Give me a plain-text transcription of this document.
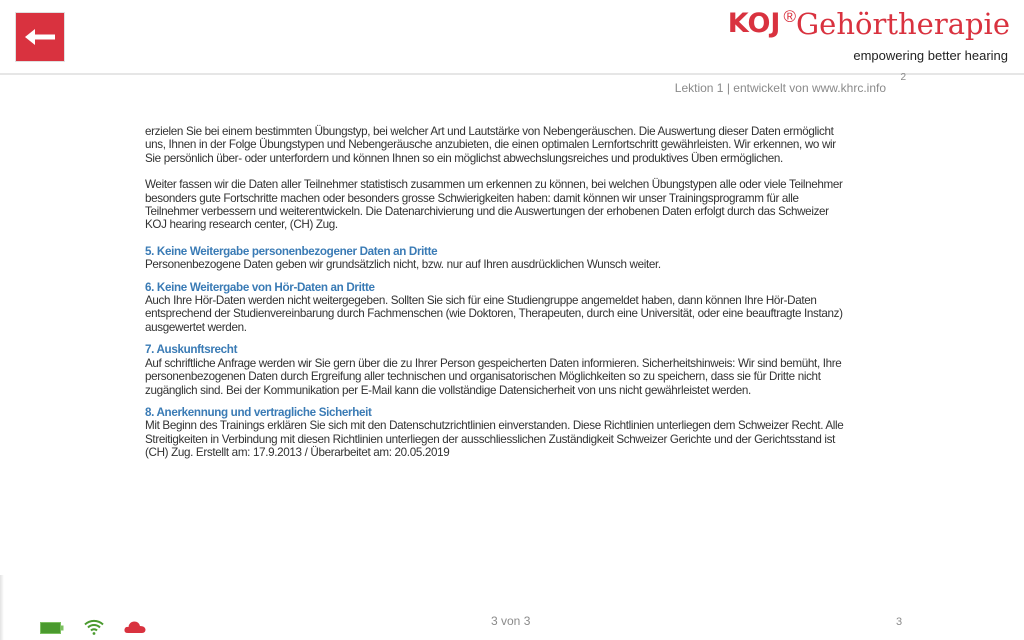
KOJ ® Gehörtherapie
empowering better hearing
Lektion 1 | entwickelt von www.khrc.info
2

erzielen Sie bei einem bestimmten Übungstyp, bei welcher Art und Lautstärke von Nebengeräuschen. Die Auswertung dieser Daten ermöglicht uns, Ihnen in der Folge Übungstypen und Nebengeräusche anzubieten, die einen optimalen Lernfortschritt gewährleisten. Wir erkennen, wo wir Sie persönlich über- oder unterfordern und können Ihnen so ein möglichst abwechslungsreiches und produktives Üben ermöglichen.

Weiter fassen wir die Daten aller Teilnehmer statistisch zusammen um erkennen zu können, bei welchen Übungstypen alle oder viele Teilnehmer besonders gute Fortschritte machen oder besonders grosse Schwierigkeiten haben: damit können wir unser Trainingsprogramm für alle Teilnehmer verbessern und weiterentwickeln. Die Datenarchivierung und die Auswertungen der erhobenen Daten erfolgt durch das Schweizer KOJ hearing research center, (CH) Zug.

5. Keine Weitergabe personenbezogener Daten an Dritte
Personenbezogene Daten geben wir grundsätzlich nicht, bzw. nur auf Ihren ausdrücklichen Wunsch weiter.
6. Keine Weitergabe von Hör-Daten an Dritte
Auch Ihre Hör-Daten werden nicht weitergegeben. Sollten Sie sich für eine Studiengruppe angemeldet haben, dann können Ihre Hör-Daten entsprechend der Studienvereinbarung durch Fachmenschen (wie Doktoren, Therapeuten, durch eine Universität, oder eine beauftragte Instanz) ausgewertet werden.
7. Auskunftsrecht
Auf schriftliche Anfrage werden wir Sie gern über die zu Ihrer Person gespeicherten Daten informieren. Sicherheitshinweis: Wir sind bemüht, Ihre personenbezogenen Daten durch Ergreifung aller technischen und organisatorischen Möglichkeiten so zu speichern, dass sie für Dritte nicht zugänglich sind. Bei der Kommunikation per E-Mail kann die vollständige Datensicherheit von uns nicht gewährleistet werden.
8. Anerkennung und vertragliche Sicherheit
Mit Beginn des Trainings erklären Sie sich mit den Datenschutzrichtlinien einverstanden. Diese Richtlinien unterliegen dem Schweizer Recht. Alle Streitigkeiten in Verbindung mit diesen Richtlinien unterliegen der ausschliesslichen Zuständigkeit Schweizer Gerichte und der Gerichtsstand ist (CH) Zug. Erstellt am: 17.9.2013 / Überarbeitet am: 20.05.2019
3 von 3	3
